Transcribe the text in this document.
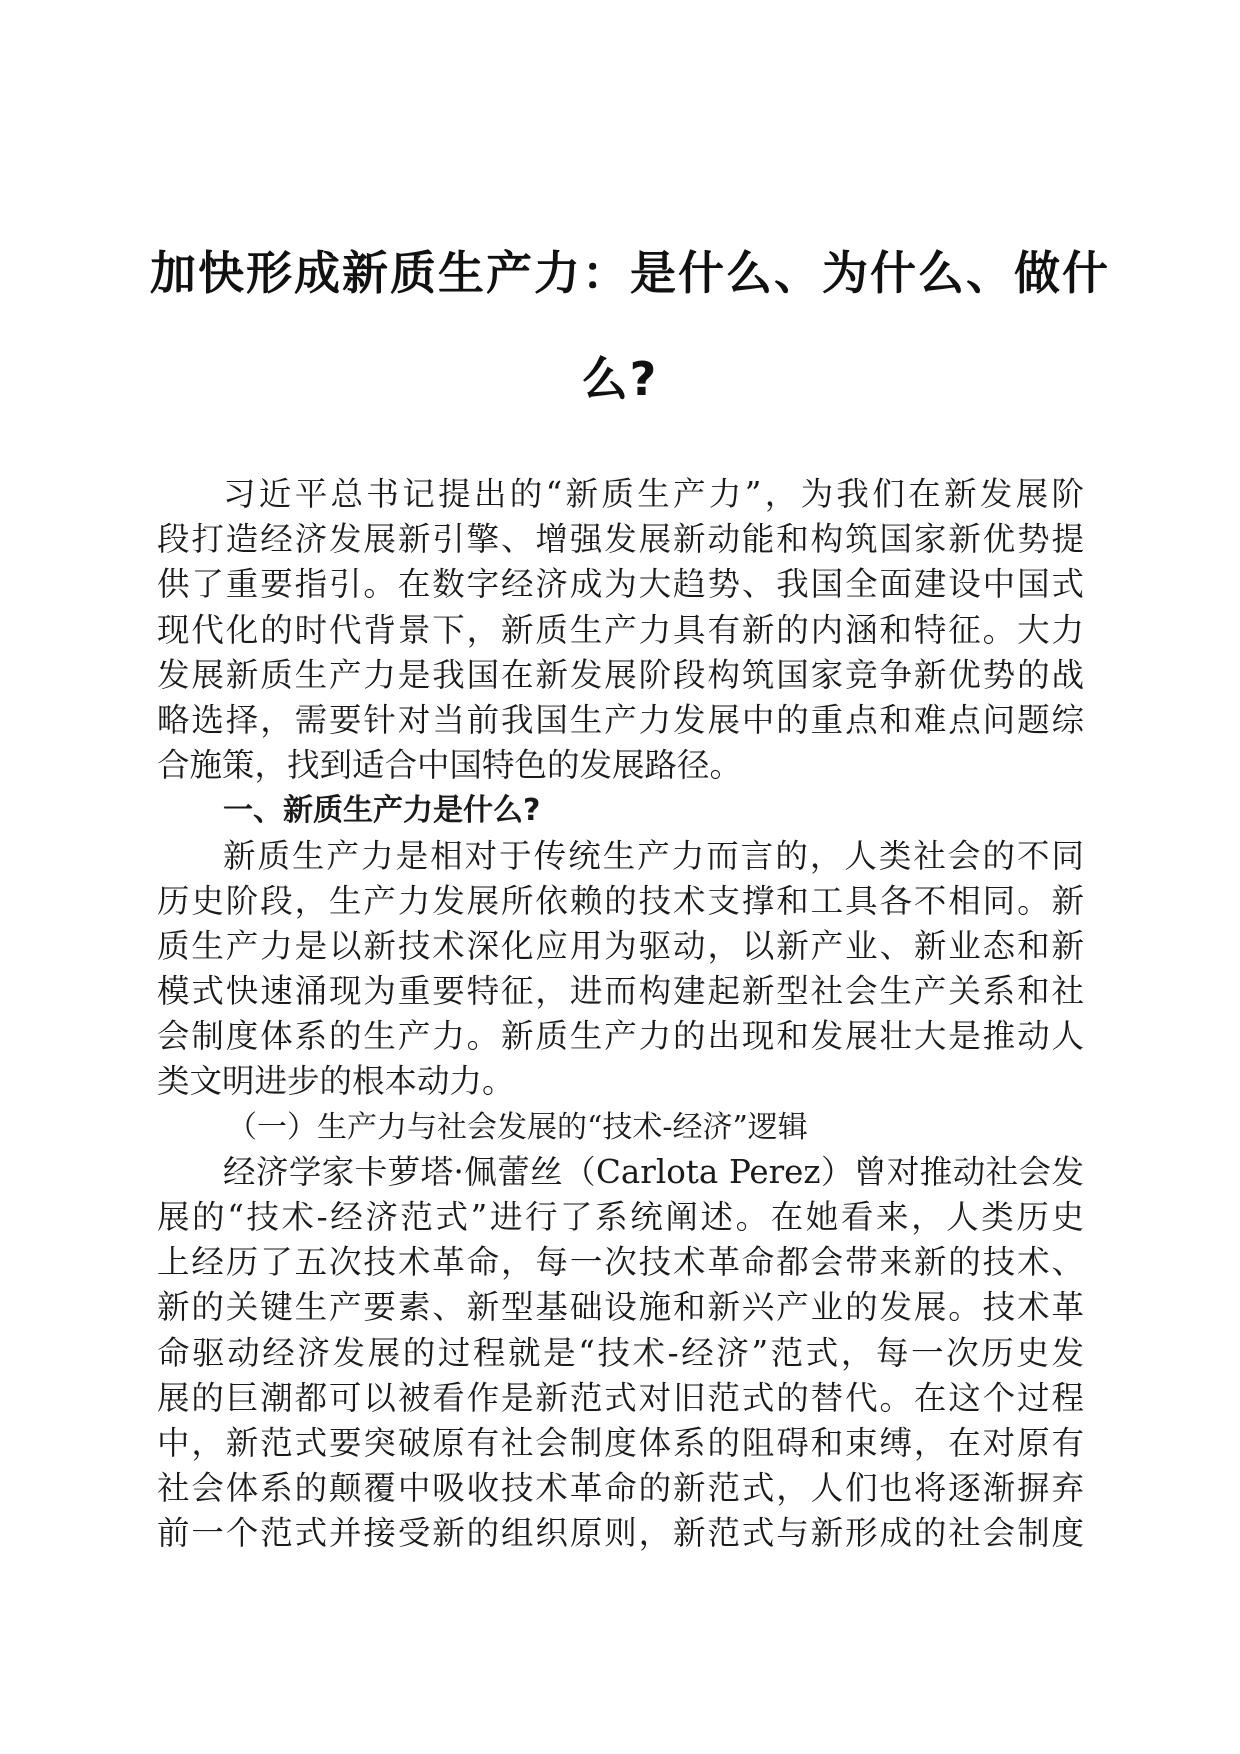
加快形成新质生产力：是什么、为什么、做什
么?
习近平总书记提出的“新质生产力”，为我们在新发展阶
段打造经济发展新引擎、增强发展新动能和构筑国家新优势提
供了重要指引。在数字经济成为大趋势、我国全面建设中国式
现代化的时代背景下，新质生产力具有新的内涵和特征。大力
发展新质生产力是我国在新发展阶段构筑国家竞争新优势的战
略选择，需要针对当前我国生产力发展中的重点和难点问题综
合施策，找到适合中国特色的发展路径。
一、新质生产力是什么?
新质生产力是相对于传统生产力而言的，人类社会的不同
历史阶段，生产力发展所依赖的技术支撑和工具各不相同。新
质生产力是以新技术深化应用为驱动，以新产业、新业态和新
模式快速涌现为重要特征，进而构建起新型社会生产关系和社
会制度体系的生产力。新质生产力的出现和发展壮大是推动人
类文明进步的根本动力。
（一）生产力与社会发展的“技术-经济”逻辑
经济学家卡萝塔·佩蕾丝（Carlota Perez）曾对推动社会发
展的“技术-经济范式”进行了系统阐述。在她看来，人类历史
上经历了五次技术革命，每一次技术革命都会带来新的技术、
新的关键生产要素、新型基础设施和新兴产业的发展。技术革
命驱动经济发展的过程就是“技术-经济”范式，每一次历史发
展的巨潮都可以被看作是新范式对旧范式的替代。在这个过程
中，新范式要突破原有社会制度体系的阻碍和束缚，在对原有
社会体系的颠覆中吸收技术革命的新范式，人们也将逐渐摒弃
前一个范式并接受新的组织原则，新范式与新形成的社会制度
